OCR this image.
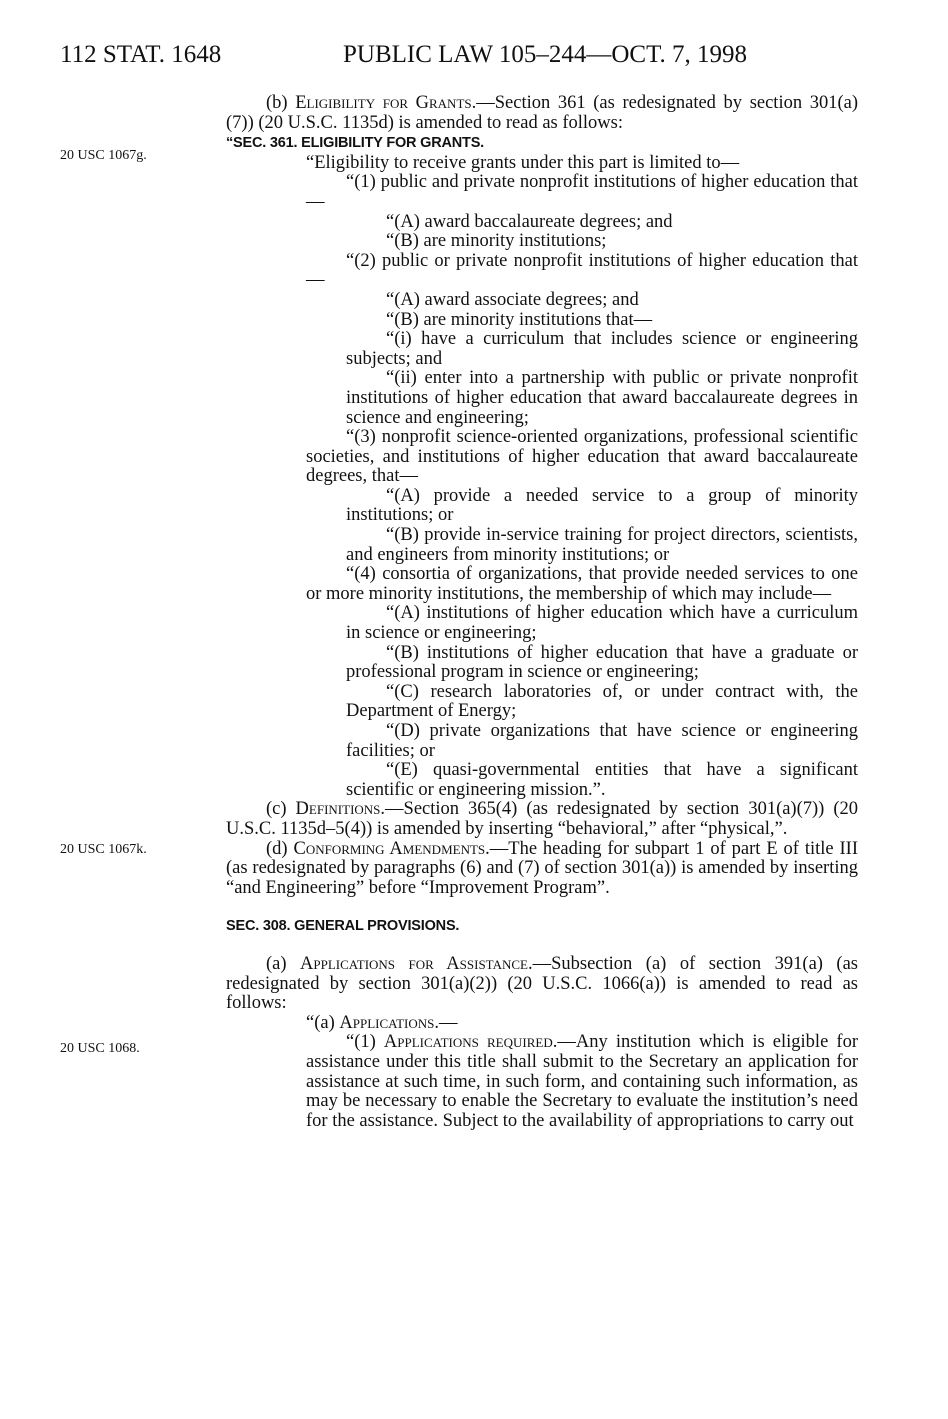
112 STAT. 1648	PUBLIC LAW 105–244—OCT. 7, 1998
20 USC 1067g.
20 USC 1067k.
20 USC 1068.

(b) Eligibility for Grants.—Section 361 (as redesignated by section 301(a)(7)) (20 U.S.C. 1135d) is amended to read as follows:

“SEC. 361. ELIGIBILITY FOR GRANTS.

“Eligibility to receive grants under this part is limited to—

“(1) public and private nonprofit institutions of higher education that—

“(A) award baccalaureate degrees; and

“(B) are minority institutions;

“(2) public or private nonprofit institutions of higher education that—

“(A) award associate degrees; and

“(B) are minority institutions that—

“(i) have a curriculum that includes science or engineering subjects; and

“(ii) enter into a partnership with public or private nonprofit institutions of higher education that award baccalaureate degrees in science and engineering;

“(3) nonprofit science-oriented organizations, professional scientific societies, and institutions of higher education that award baccalaureate degrees, that—

“(A) provide a needed service to a group of minority institutions; or

“(B) provide in-service training for project directors, scientists, and engineers from minority institutions; or

“(4) consortia of organizations, that provide needed services to one or more minority institutions, the membership of which may include—

“(A) institutions of higher education which have a curriculum in science or engineering;

“(B) institutions of higher education that have a graduate or professional program in science or engineering;

“(C) research laboratories of, or under contract with, the Department of Energy;

“(D) private organizations that have science or engineering facilities; or

“(E) quasi-governmental entities that have a significant scientific or engineering mission.”.

(c) Definitions.—Section 365(4) (as redesignated by section 301(a)(7)) (20 U.S.C. 1135d–5(4)) is amended by inserting “behavioral,” after “physical,”.

(d) Conforming Amendments.—The heading for subpart 1 of part E of title III (as redesignated by paragraphs (6) and (7) of section 301(a)) is amended by inserting “and Engineering” before “Improvement Program”.

SEC. 308. GENERAL PROVISIONS.

(a) Applications for Assistance.—Subsection (a) of section 391(a) (as redesignated by section 301(a)(2)) (20 U.S.C. 1066(a)) is amended to read as follows:

“(a) Applications.—

“(1) Applications required.—Any institution which is eligible for assistance under this title shall submit to the Secretary an application for assistance at such time, in such form, and containing such information, as may be necessary to enable the Secretary to evaluate the institution’s need for the assistance. Subject to the availability of appropriations to carry out
